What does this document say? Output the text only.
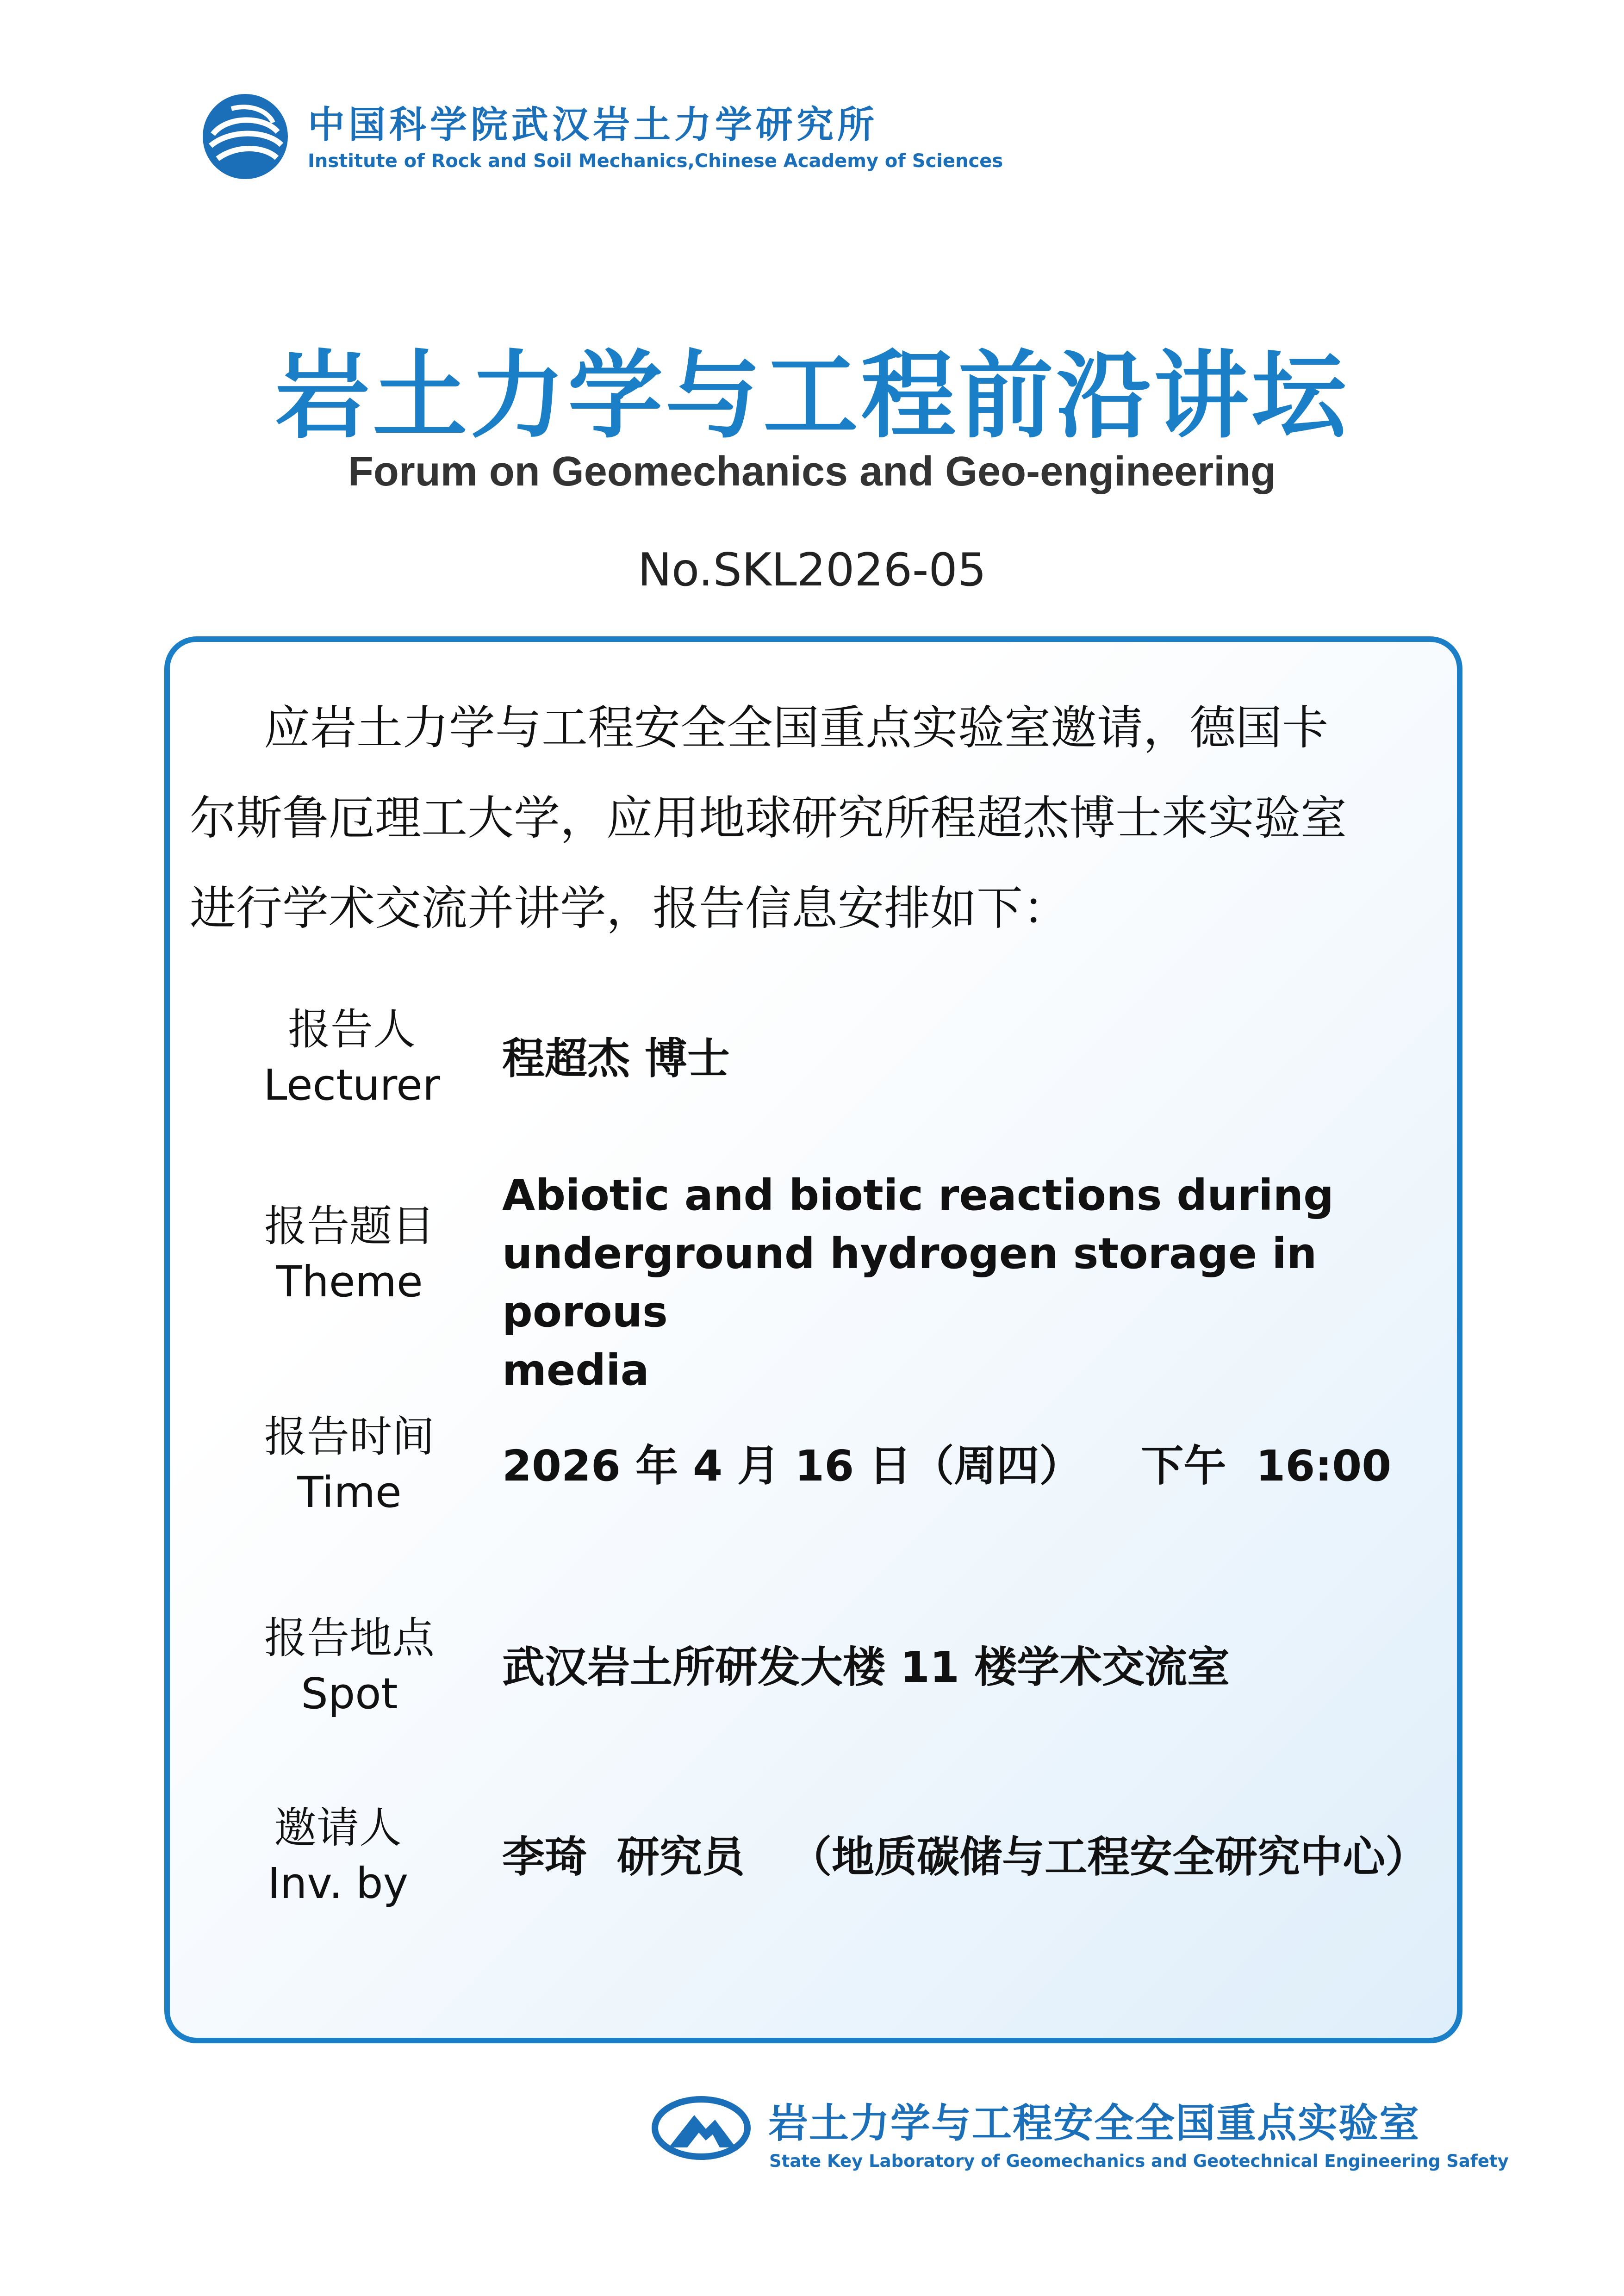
中国科学院武汉岩土力学研究所
Institute of Rock and Soil Mechanics,Chinese Academy of Sciences
岩土力学与工程前沿讲坛
Forum on Geomechanics and Geo-engineering
No.SKL2026-05
应岩土力学与工程安全全国重点实验室邀请，德国卡
尔斯鲁厄理工大学，应用地球研究所程超杰博士来实验室
进行学术交流并讲学，报告信息安排如下：
报告人
Lecturer
程超杰 博士
报告题目
Theme
Abiotic and biotic reactions during
underground hydrogen storage in porous
media
报告时间
Time
2026 年 4 月 16 日（周四）    下午  16:00
报告地点
Spot
武汉岩土所研发大楼 11 楼学术交流室
邀请人
Inv. by
李琦  研究员   （地质碳储与工程安全研究中心）
岩土力学与工程安全全国重点实验室
State Key Laboratory of Geomechanics and Geotechnical Engineering Safety
